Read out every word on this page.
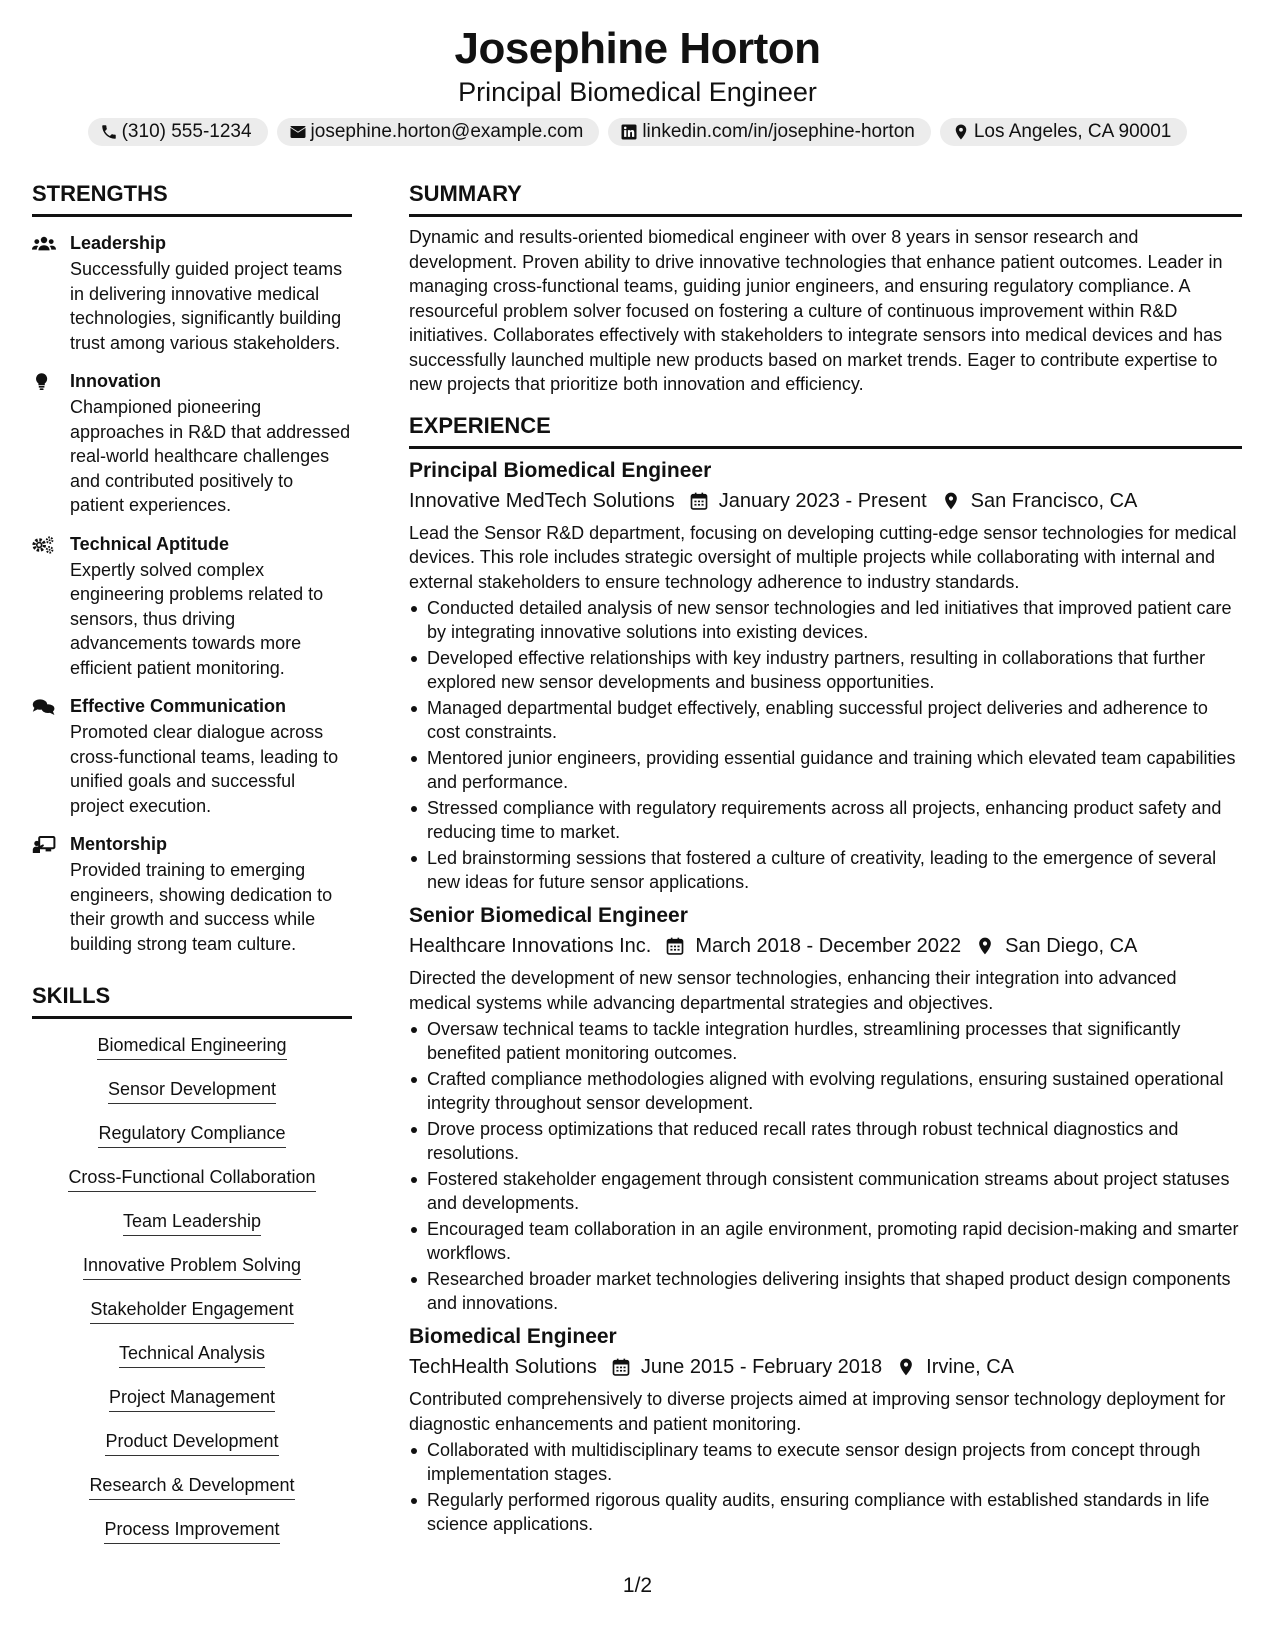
Josephine Horton
Principal Biomedical Engineer
(310) 555-1234	josephine.horton@example.com	linkedin.com/in/josephine-horton	Los Angeles, CA 90001
STRENGTHS
Leadership
Successfully guided project teams in delivering innovative medical technologies, significantly building trust among various stakeholders.
Innovation
Championed pioneering approaches in R&D that addressed real-world healthcare challenges and contributed positively to patient experiences.
Technical Aptitude
Expertly solved complex engineering problems related to sensors, thus driving advancements towards more efficient patient monitoring.
Effective Communication
Promoted clear dialogue across cross-functional teams, leading to unified goals and successful project execution.
Mentorship
Provided training to emerging engineers, showing dedication to their growth and success while building strong team culture.
SKILLS
Biomedical Engineering
Sensor Development
Regulatory Compliance
Cross-Functional Collaboration
Team Leadership
Innovative Problem Solving
Stakeholder Engagement
Technical Analysis
Project Management
Product Development
Research & Development
Process Improvement
SUMMARY
Dynamic and results-oriented biomedical engineer with over 8 years in sensor research and development. Proven ability to drive innovative technologies that enhance patient outcomes. Leader in managing cross-functional teams, guiding junior engineers, and ensuring regulatory compliance. A resourceful problem solver focused on fostering a culture of continuous improvement within R&D initiatives. Collaborates effectively with stakeholders to integrate sensors into medical devices and has successfully launched multiple new products based on market trends. Eager to contribute expertise to new projects that prioritize both innovation and efficiency.
EXPERIENCE
Principal Biomedical Engineer
Innovative MedTech Solutions January 2023 - Present San Francisco, CA
Lead the Sensor R&D department, focusing on developing cutting-edge sensor technologies for medical devices. This role includes strategic oversight of multiple projects while collaborating with internal and external stakeholders to ensure technology adherence to industry standards.
Conducted detailed analysis of new sensor technologies and led initiatives that improved patient care by integrating innovative solutions into existing devices.
Developed effective relationships with key industry partners, resulting in collaborations that further explored new sensor developments and business opportunities.
Managed departmental budget effectively, enabling successful project deliveries and adherence to cost constraints.
Mentored junior engineers, providing essential guidance and training which elevated team capabilities and performance.
Stressed compliance with regulatory requirements across all projects, enhancing product safety and reducing time to market.
Led brainstorming sessions that fostered a culture of creativity, leading to the emergence of several new ideas for future sensor applications.
Senior Biomedical Engineer
Healthcare Innovations Inc. March 2018 - December 2022 San Diego, CA
Directed the development of new sensor technologies, enhancing their integration into advanced medical systems while advancing departmental strategies and objectives.
Oversaw technical teams to tackle integration hurdles, streamlining processes that significantly benefited patient monitoring outcomes.
Crafted compliance methodologies aligned with evolving regulations, ensuring sustained operational integrity throughout sensor development.
Drove process optimizations that reduced recall rates through robust technical diagnostics and resolutions.
Fostered stakeholder engagement through consistent communication streams about project statuses and developments.
Encouraged team collaboration in an agile environment, promoting rapid decision-making and smarter workflows.
Researched broader market technologies delivering insights that shaped product design components and innovations.
Biomedical Engineer
TechHealth Solutions June 2015 - February 2018 Irvine, CA
Contributed comprehensively to diverse projects aimed at improving sensor technology deployment for diagnostic enhancements and patient monitoring.
Collaborated with multidisciplinary teams to execute sensor design projects from concept through implementation stages.
Regularly performed rigorous quality audits, ensuring compliance with established standards in life science applications.
1/2
